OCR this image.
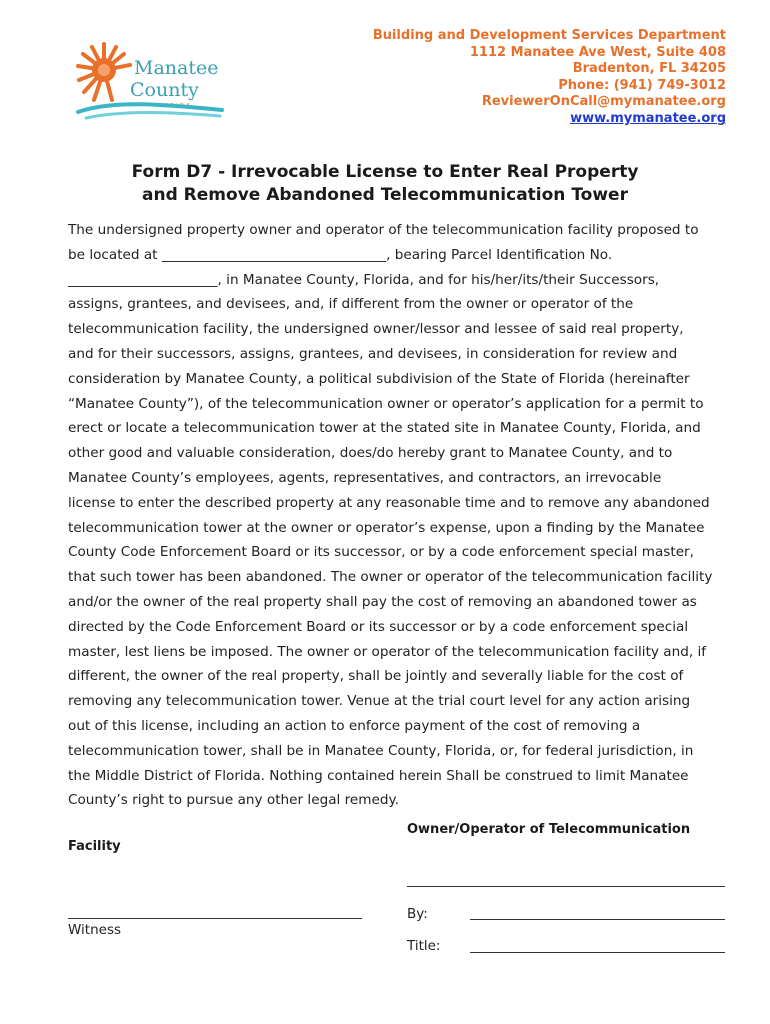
Manatee
County
FLORIDA
Building and Development Services Department
1112 Manatee Ave West, Suite 408
Bradenton, FL 34205
Phone: (941) 749-3012
ReviewerOnCall@mymanatee.org
www.mymanatee.org
Form D7 - Irrevocable License to Enter Real Property
and Remove Abandoned Telecommunication Tower
The undersigned property owner and operator of the telecommunication facility proposed to
be located at _________________________________, bearing Parcel Identification No.
______________________, in Manatee County, Florida, and for his/her/its/their Successors,
assigns, grantees, and devisees, and, if different from the owner or operator of the
telecommunication facility, the undersigned owner/lessor and lessee of said real property,
and for their successors, assigns, grantees, and devisees, in consideration for review and
consideration by Manatee County, a political subdivision of the State of Florida (hereinafter
“Manatee County”), of the telecommunication owner or operator’s application for a permit to
erect or locate a telecommunication tower at the stated site in Manatee County, Florida, and
other good and valuable consideration, does/do hereby grant to Manatee County, and to
Manatee County’s employees, agents, representatives, and contractors, an irrevocable
license to enter the described property at any reasonable time and to remove any abandoned
telecommunication tower at the owner or operator’s expense, upon a finding by the Manatee
County Code Enforcement Board or its successor, or by a code enforcement special master,
that such tower has been abandoned. The owner or operator of the telecommunication facility
and/or the owner of the real property shall pay the cost of removing an abandoned tower as
directed by the Code Enforcement Board or its successor or by a code enforcement special
master, lest liens be imposed. The owner or operator of the telecommunication facility and, if
different, the owner of the real property, shall be jointly and severally liable for the cost of
removing any telecommunication tower. Venue at the trial court level for any action arising
out of this license, including an action to enforce payment of the cost of removing a
telecommunication tower, shall be in Manatee County, Florida, or, for federal jurisdiction, in
the Middle District of Florida. Nothing contained herein Shall be construed to limit Manatee
County’s right to pursue any other legal remedy.
Owner/Operator of Telecommunication
Facility
Witness
By:
Title:
